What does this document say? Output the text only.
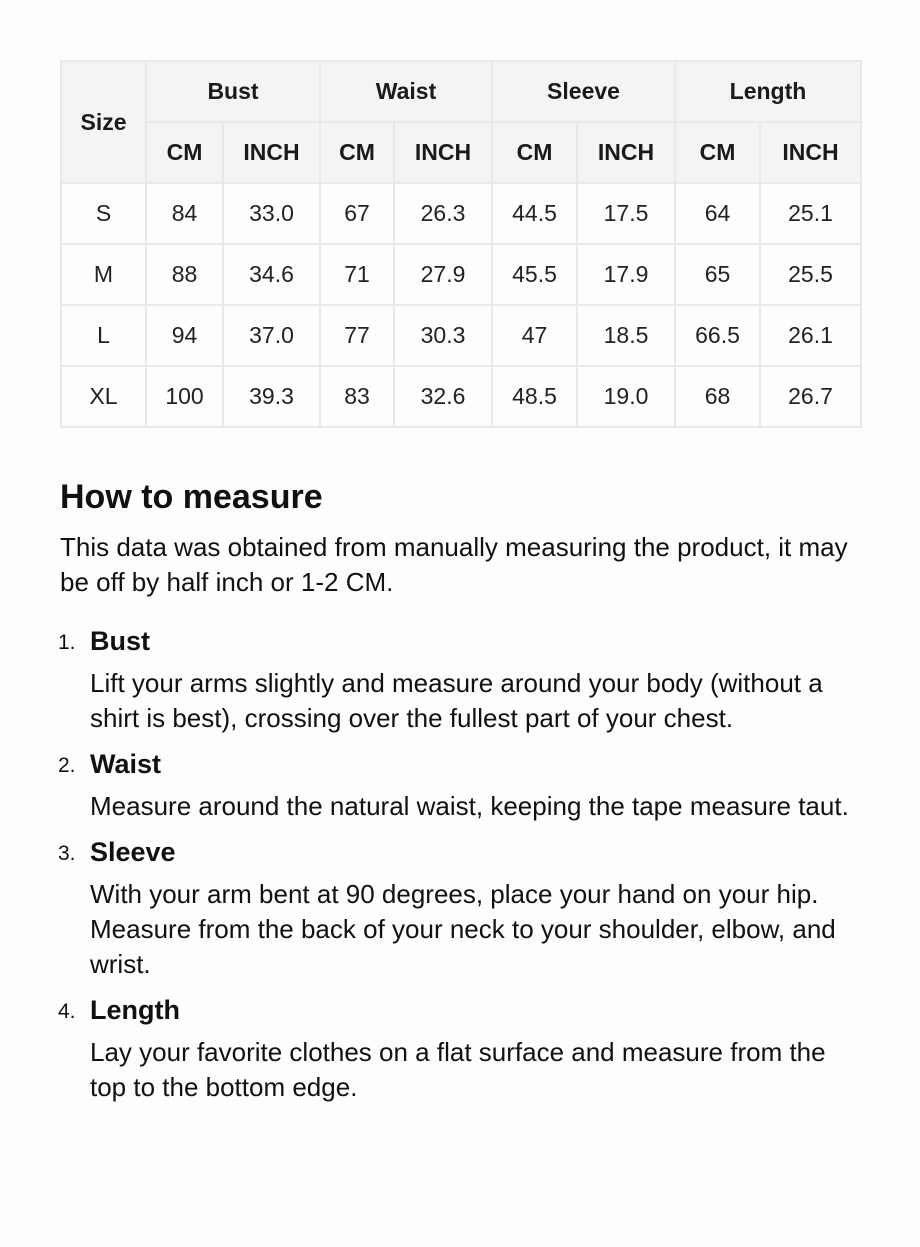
Size	Bust		Waist		Sleeve		Length	
	CM	INCH	CM	INCH	CM	INCH	CM	INCH
S	84	33.0	67	26.3	44.5	17.5	64	25.1
M	88	34.6	71	27.9	45.5	17.9	65	25.5
L	94	37.0	77	30.3	47	18.5	66.5	26.1
XL	100	39.3	83	32.6	48.5	19.0	68	26.7
How to measure

This data was obtained from manually measuring the product, it may be off by half inch or 1-2 CM.

1. Bust
Lift your arms slightly and measure around your body (without a shirt is best), crossing over the fullest part of your chest.
2. Waist
Measure around the natural waist, keeping the tape measure taut.
3. Sleeve
With your arm bent at 90 degrees, place your hand on your hip. Measure from the back of your neck to your shoulder, elbow, and wrist.
4. Length
Lay your favorite clothes on a flat surface and measure from the top to the bottom edge.
